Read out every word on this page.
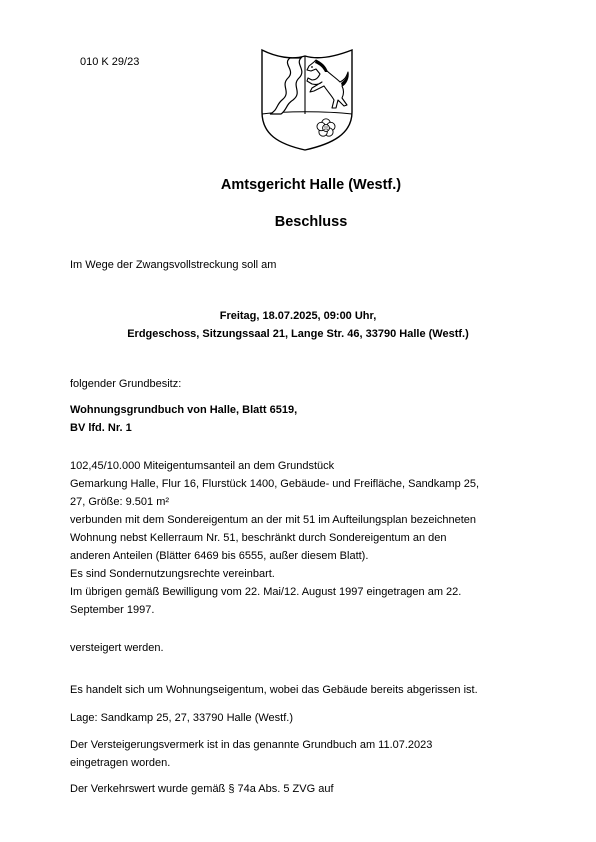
010 K 29/23
Amtsgericht Halle (Westf.)
Beschluss
Im Wege der Zwangsvollstreckung soll am
Freitag, 18.07.2025, 09:00 Uhr,
Erdgeschoss, Sitzungssaal 21, Lange Str. 46, 33790 Halle (Westf.)
folgender Grundbesitz:
Wohnungsgrundbuch von Halle, Blatt 6519,
BV lfd. Nr. 1
102,45/10.000 Miteigentumsanteil an dem Grundstück
Gemarkung Halle, Flur 16, Flurstück 1400, Gebäude- und Freifläche, Sandkamp 25,
27, Größe: 9.501 m²
verbunden mit dem Sondereigentum an der mit 51 im Aufteilungsplan bezeichneten
Wohnung nebst Kellerraum Nr. 51, beschränkt durch Sondereigentum an den
anderen Anteilen (Blätter 6469 bis 6555, außer diesem Blatt).
Es sind Sondernutzungsrechte vereinbart.
Im übrigen gemäß Bewilligung vom 22. Mai/12. August 1997 eingetragen am 22.
September 1997.
versteigert werden.
Es handelt sich um Wohnungseigentum, wobei das Gebäude bereits abgerissen ist.
Lage: Sandkamp 25, 27, 33790 Halle (Westf.)
Der Versteigerungsvermerk ist in das genannte Grundbuch am 11.07.2023
eingetragen worden.
Der Verkehrswert wurde gemäß § 74a Abs. 5 ZVG auf
